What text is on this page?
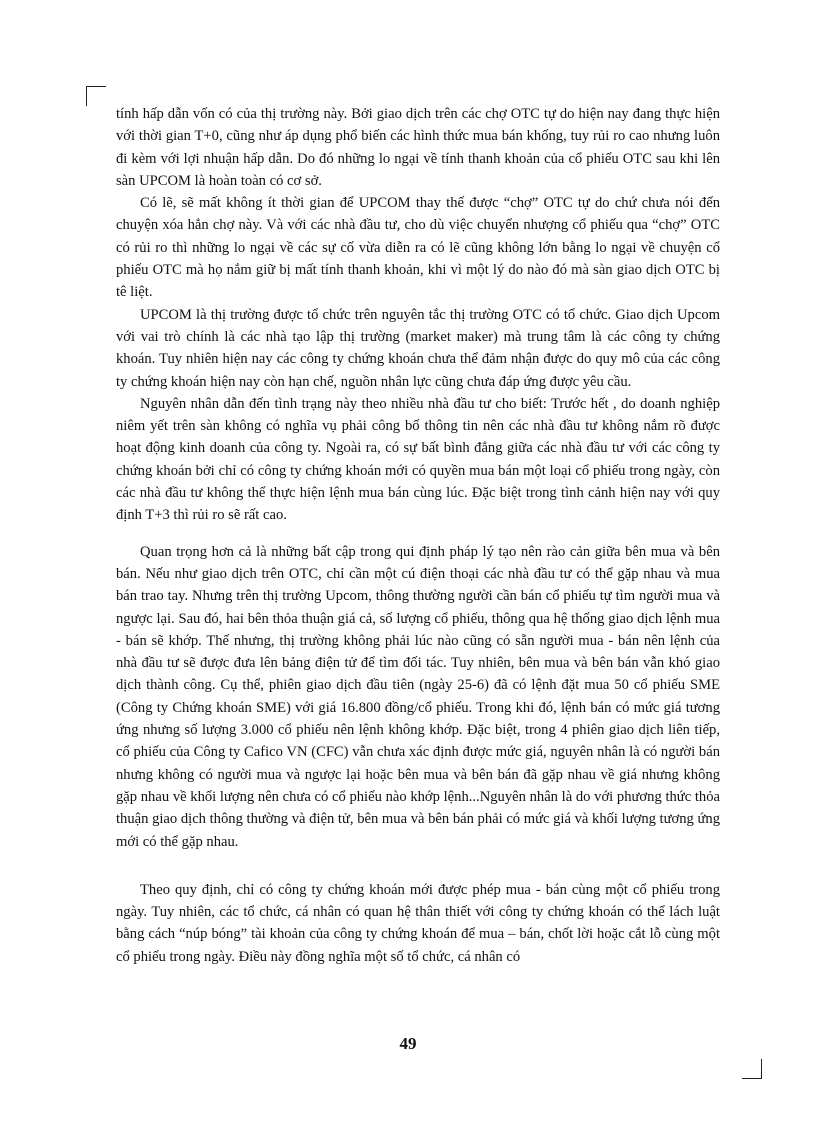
tính hấp dẫn vốn có của thị trường này. Bởi giao dịch trên các chợ OTC tự do hiện nay đang thực hiện với thời gian T+0, cũng như áp dụng phổ biến các hình thức mua bán khống, tuy rủi ro cao nhưng luôn đi kèm với lợi nhuận hấp dẫn. Do đó những lo ngại về tính thanh khoản của cổ phiếu OTC sau khi lên sàn UPCOM là hoàn toàn có cơ sở.

Có lẽ, sẽ mất không ít thời gian để UPCOM thay thế được “chợ” OTC tự do chứ chưa nói đến chuyện xóa hẳn chợ này. Và với các nhà đầu tư, cho dù việc chuyển nhượng cổ phiếu qua “chợ” OTC có rủi ro thì những lo ngại về các sự cố vừa diễn ra có lẽ cũng không lớn bằng lo ngại về chuyện cổ phiếu OTC mà họ nắm giữ bị mất tính thanh khoản, khi vì một lý do nào đó mà sàn giao dịch OTC bị tê liệt.

UPCOM là thị trường được tổ chức trên nguyên tắc thị trường OTC có tổ chức. Giao dịch Upcom với vai trò chính là các nhà tạo lập thị trường (market maker) mà trung tâm là các công ty chứng khoán. Tuy nhiên hiện nay các công ty chứng khoán chưa thể đảm nhận được do quy mô của các công ty chứng khoán hiện nay còn hạn chế, nguồn nhân lực cũng chưa đáp ứng được yêu cầu.

Nguyên nhân dẫn đến tình trạng này theo nhiều nhà đầu tư cho biết: Trước hết , do doanh nghiệp niêm yết trên sàn không có nghĩa vụ phải công bố thông tin nên các nhà đầu tư không nắm rõ được hoạt động kinh doanh của công ty. Ngoài ra, có sự bất bình đẳng giữa các nhà đầu tư với các công ty chứng khoán bởi chỉ có công ty chứng khoán mới có quyền mua bán một loại cổ phiếu trong ngày, còn các nhà đầu tư không thể thực hiện lệnh mua bán cùng lúc. Đặc biệt trong tình cảnh hiện nay với quy định T+3 thì rủi ro sẽ rất cao.

Quan trọng hơn cả là những bất cập trong qui định pháp lý tạo nên rào cản giữa bên mua và bên bán. Nếu như giao dịch trên OTC, chỉ cần một cú điện thoại các nhà đầu tư có thể gặp nhau và mua bán trao tay. Nhưng trên thị trường Upcom, thông thường người cần bán cổ phiếu tự tìm người mua và ngược lại. Sau đó, hai bên thỏa thuận giá cả, số lượng cổ phiếu, thông qua hệ thống giao dịch lệnh mua - bán sẽ khớp. Thế nhưng, thị trường không phải lúc nào cũng có sẵn người mua - bán nên lệnh của nhà đầu tư sẽ được đưa lên bảng điện tử để tìm đối tác. Tuy nhiên, bên mua và bên bán vẫn khó giao dịch thành công. Cụ thể, phiên giao dịch đầu tiên (ngày 25-6) đã có lệnh đặt mua 50 cổ phiếu SME (Công ty Chứng khoán SME) với giá 16.800 đồng/cổ phiếu. Trong khi đó, lệnh bán có mức giá tương ứng nhưng số lượng 3.000 cổ phiếu nên lệnh không khớp. Đặc biệt, trong 4 phiên giao dịch liên tiếp, cổ phiếu của Công ty Cafico VN (CFC) vẫn chưa xác định được mức giá, nguyên nhân là có người bán nhưng không có người mua và ngược lại hoặc bên mua và bên bán đã gặp nhau về giá nhưng không gặp nhau về khối lượng nên chưa có cổ phiếu nào khớp lệnh...Nguyên nhân là do với phương thức thỏa thuận giao dịch thông thường và điện tử, bên mua và bên bán phải có mức giá và khối lượng tương ứng mới có thể gặp nhau.

Theo quy định, chỉ có công ty chứng khoán mới được phép mua - bán cùng một cổ phiếu trong ngày. Tuy nhiên, các tổ chức, cá nhân có quan hệ thân thiết với công ty chứng khoán có thể lách luật bằng cách “núp bóng” tài khoản của công ty chứng khoán để mua – bán, chốt lời hoặc cắt lỗ cùng một cổ phiếu trong ngày. Điều này đồng nghĩa một số tổ chức, cá nhân có

49
